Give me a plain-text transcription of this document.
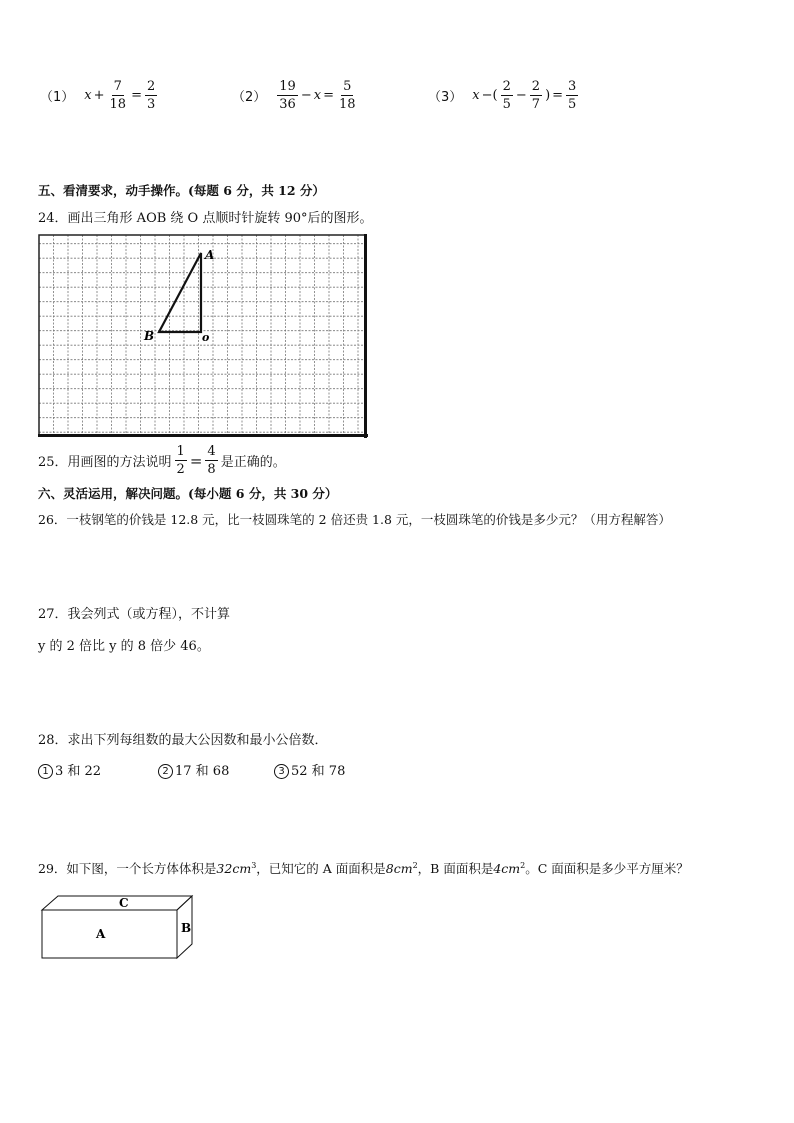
（1） $x + \frac{7}{18} = \frac{2}{3}$	$(2) \frac{19}{36} - x = \frac{5}{18}$	（3） x −( $\frac{2}{5} - \frac{2}{7}$ ) = $\frac{3}{5}$
五、看清要求，动手操作。(每题 6 分，共 12 分）
24．画出三角形 AOB 绕 O 点顺时针旋转 90°后的图形。
A
B	o
25．用画图的方法说明 $\frac{1}{2} = \frac{4}{8}$ 是正确的。
六、灵活运用，解决问题。(每小题 6 分，共 30 分）
26．一枝钢笔的价钱是 12.8 元，比一枝圆珠笔的 2 倍还贵 1.8 元，一枝圆珠笔的价钱是多少元？（用方程解答）
27．我会列式（或方程），不计算
y 的 2 倍比 y 的 8 倍少 46。
28．求出下列每组数的最大公因数和最小公倍数．
1 3 和 22	2 17 和 68	3 52 和 78
29．如下图，一个长方体体积是$32cm^3$，已知它的 A 面面积是$8cm^2$，B 面面积是$4cm^2$。C 面面积是多少平方厘米？
C
A	B
